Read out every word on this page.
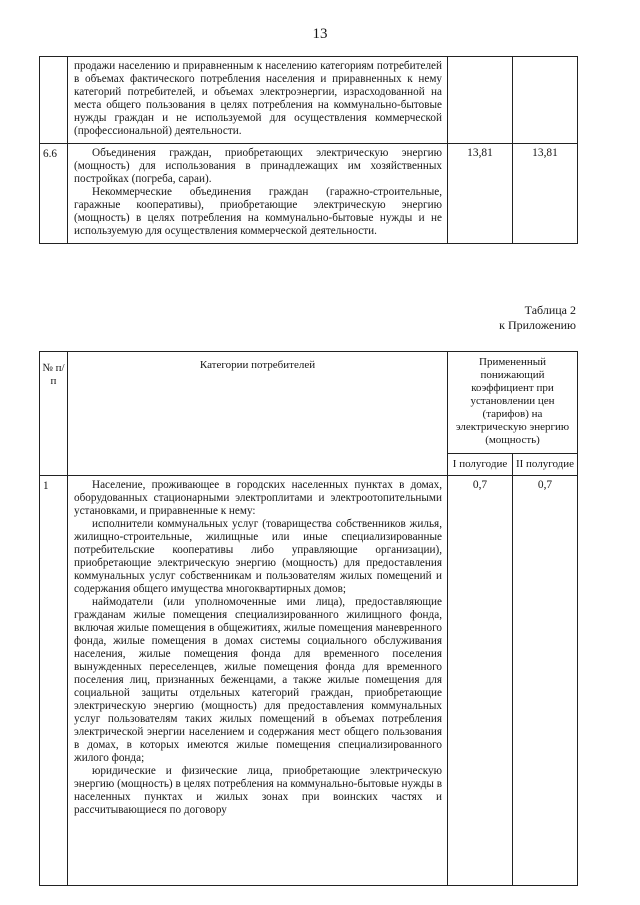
13

	продажи населению и приравненным к населению категориям потребителей в объемах фактического потребления населения и приравненных к нему категорий потребителей, и объемах электроэнергии, израсходованной на места общего пользования в целях потребления на коммунально-бытовые нужды граждан и не используемой для осуществления коммерческой (профессиональной) деятельности.		

6.6	Объединения граждан, приобретающих электрическую энергию (мощность) для использования в принадлежащих им хозяйственных постройках (погреба, сараи).

Некоммерческие объединения граждан (гаражно-строительные, гаражные кооперативы), приобретающие электрическую энергию (мощность) в целях потребления на коммунально-бытовые нужды и не используемую для осуществления коммерческой деятельности.	13,81	13,81
Таблица 2
к Приложению
№ п/п	Категории потребителей	Примененный понижающий коэффициент при установлении цен (тарифов) на электрическую энергию (мощность)	
		I полугодие	II полугодие
1	Население, проживающее в городских населенных пунктах в домах, оборудованных стационарными электроплитами и электроотопительными установками, и приравненные к нему:

исполнители коммунальных услуг (товарищества собственников жилья, жилищно-строительные, жилищные или иные специализированные потребительские кооперативы либо управляющие организации), приобретающие электрическую энергию (мощность) для предоставления коммунальных услуг собственникам и пользователям жилых помещений и содержания общего имущества многоквартирных домов;

наймодатели (или уполномоченные ими лица), предоставляющие гражданам жилые помещения специализированного жилищного фонда, включая жилые помещения в общежитиях, жилые помещения маневренного фонда, жилые помещения в домах системы социального обслуживания населения, жилые помещения фонда для временного поселения вынужденных переселенцев, жилые помещения фонда для временного поселения лиц, признанных беженцами, а также жилые помещения для социальной защиты отдельных категорий граждан, приобретающие электрическую энергию (мощность) для предоставления коммунальных услуг пользователям таких жилых помещений в объемах потребления электрической энергии населением и содержания мест общего пользования в домах, в которых имеются жилые помещения специализированного жилого фонда;

юридические и физические лица, приобретающие электрическую энергию (мощность) в целях потребления на коммунально-бытовые нужды в населенных пунктах и жилых зонах при воинских частях и рассчитывающиеся по договору	0,7	0,7
